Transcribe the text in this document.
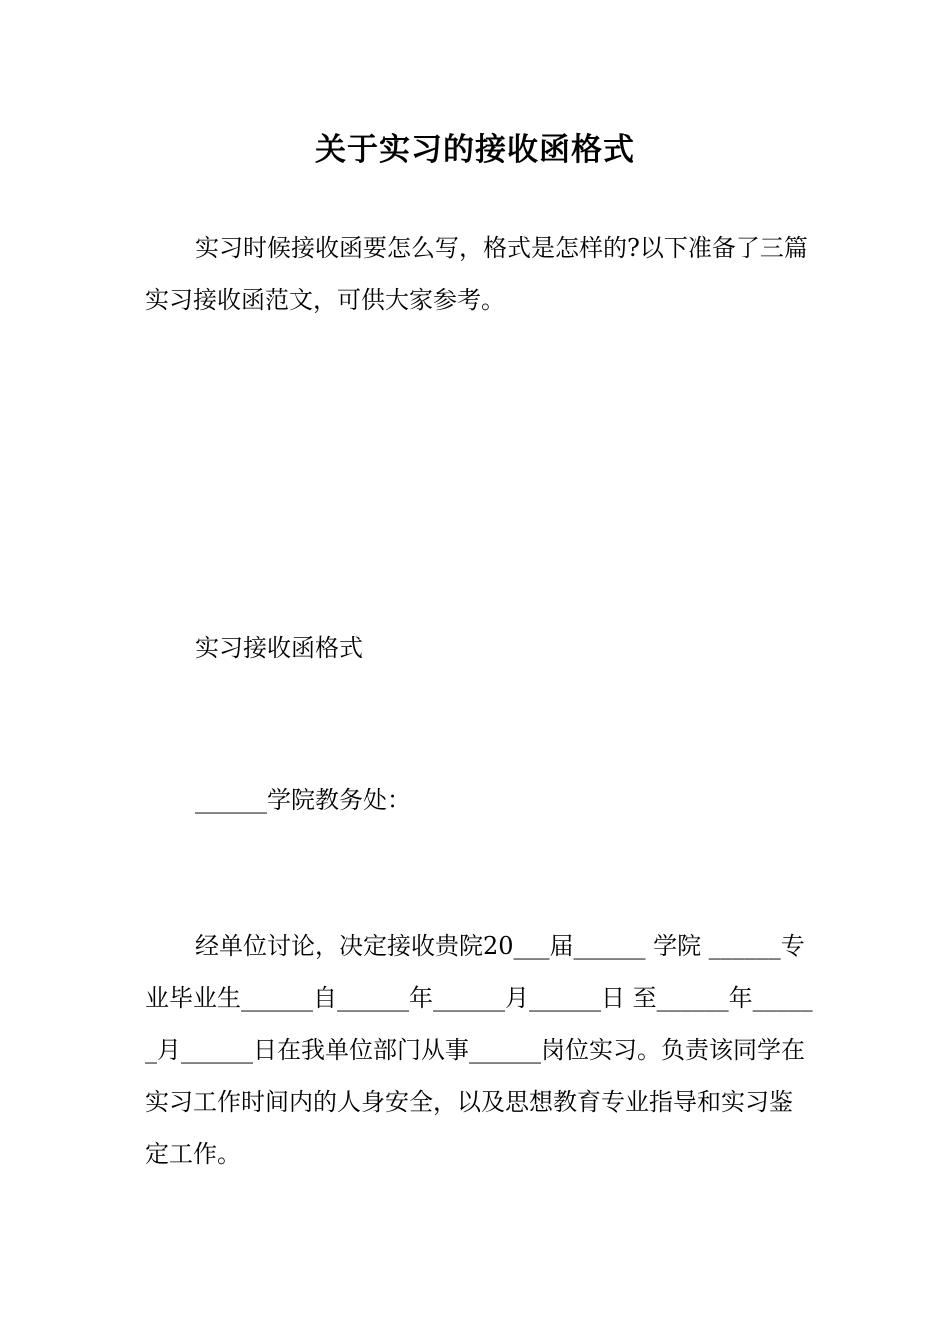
关于实习的接收函格式
实习时候接收函要怎么写，格式是怎样的?以下准备了三篇实习接收函范文，可供大家参考。
实习接收函格式
______学院教务处：
经单位讨论，决定接收贵院20___届______ 学院 ______专业毕业生______自______年______月______日 至______年______月______日在我单位部门从事______岗位实习。负责该同学在实习工作时间内的人身安全，以及思想教育专业指导和实习鉴定工作。
